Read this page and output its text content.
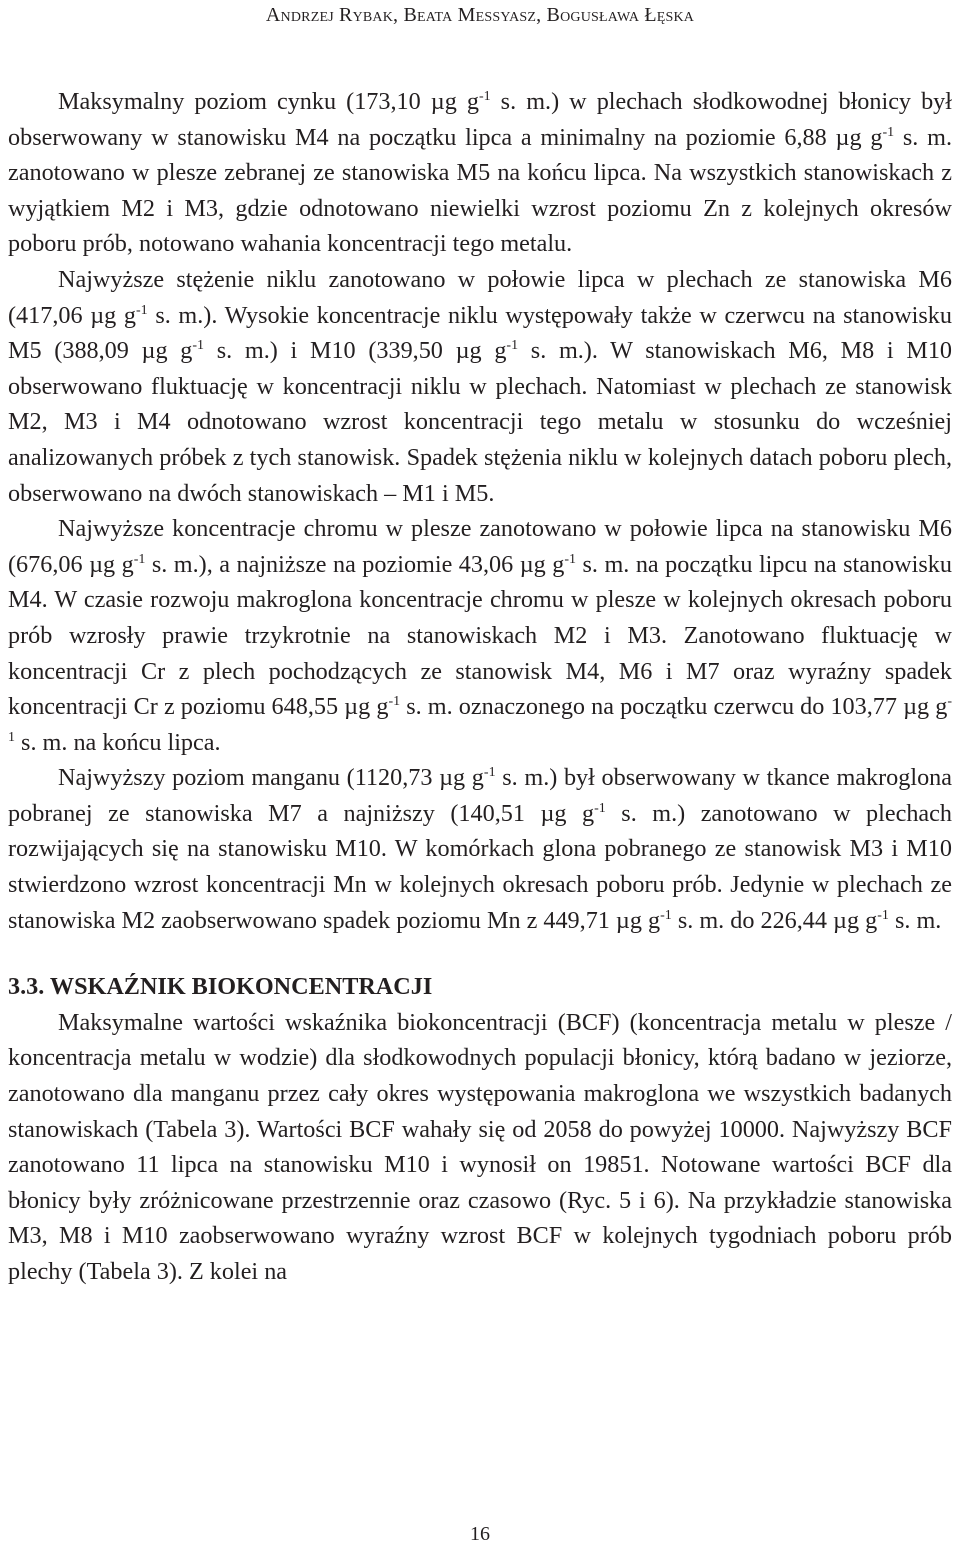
Andrzej Rybak, Beata Messyasz, Bogusława Łęska

Maksymalny poziom cynku (173,10 µg $g^{-1}$ s. m.) w plechach słodkowodnej błonicy był obserwowany w stanowisku M4 na początku lipca a minimalny na poziomie 6,88 µg $g^{-1}$ s. m. zanotowano w plesze zebranej ze stanowiska M5 na końcu lipca. Na wszystkich stanowiskach z wyjątkiem M2 i M3, gdzie odnotowano niewielki wzrost poziomu Zn z kolejnych okresów poboru prób, notowano wahania koncentracji tego metalu.

Najwyższe stężenie niklu zanotowano w połowie lipca w plechach ze stanowiska M6 (417,06 µg $g^{-1}$ s. m.). Wysokie koncentracje niklu występowały także w czerwcu na stanowisku M5 (388,09 µg $g^{-1}$ s. m.) i M10 (339,50 µg $g^{-1}$ s. m.). W stanowiskach M6, M8 i M10 obserwowano fluktuację w koncentracji niklu w plechach. Natomiast w plechach ze stanowisk M2, M3 i M4 odnotowano wzrost koncentracji tego metalu w stosunku do wcześniej analizowanych próbek z tych stanowisk. Spadek stężenia niklu w kolejnych datach poboru plech, obserwowano na dwóch stanowiskach – M1 i M5.

Najwyższe koncentracje chromu w plesze zanotowano w połowie lipca na stanowisku M6 (676,06 µg $g^{-1}$ s. m.), a najniższe na poziomie 43,06 µg $g^{-1}$ s. m. na początku lipcu na stanowisku M4. W czasie rozwoju makroglona koncentracje chromu w plesze w kolejnych okresach poboru prób wzrosły prawie trzykrotnie na stanowiskach M2 i M3. Zanotowano fluktuację w koncentracji Cr z plech pochodzących ze stanowisk M4, M6 i M7 oraz wyraźny spadek koncentracji Cr z poziomu 648,55 µg $g^{-1}$ s. m. oznaczonego na początku czerwcu do 103,77 µg $g^{-1}$ s. m. na końcu lipca.

Najwyższy poziom manganu (1120,73 µg $g^{-1}$ s. m.) był obserwowany w tkance makroglona pobranej ze stanowiska M7 a najniższy (140,51 µg $g^{-1}$ s. m.) zanotowano w plechach rozwijających się na stanowisku M10. W komórkach glona pobranego ze stanowisk M3 i M10 stwierdzono wzrost koncentracji Mn w kolejnych okresach poboru prób. Jedynie w plechach ze stanowiska M2 zaobserwowano spadek poziomu Mn z 449,71 µg $g^{-1}$ s. m. do 226,44 µg $g^{-1}$ s. m.

3.3. WSKAŹNIK BIOKONCENTRACJI

Maksymalne wartości wskaźnika biokoncentracji (BCF) (koncentracja metalu w plesze / koncentracja metalu w wodzie) dla słodkowodnych populacji błonicy, którą badano w jeziorze, zanotowano dla manganu przez cały okres występowania makroglona we wszystkich badanych stanowiskach (Tabela 3). Wartości BCF wahały się od 2058 do powyżej 10000. Najwyższy BCF zanotowano 11 lipca na stanowisku M10 i wynosił on 19851. Notowane wartości BCF dla błonicy były zróżnicowane przestrzennie oraz czasowo (Ryc. 5 i 6). Na przykładzie stanowiska M3, M8 i M10 zaobserwowano wyraźny wzrost BCF w kolejnych tygodniach poboru prób plechy (Tabela 3). Z kolei na

16
